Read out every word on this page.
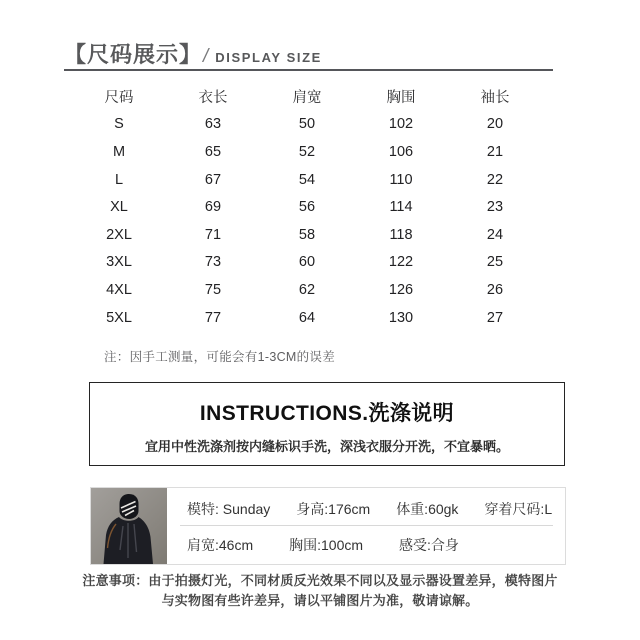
【尺码展示】 / DISPLAY SIZE
尺码	衣长	肩宽	胸围	袖长
S	63	50	102	20
M	65	52	106	21
L	67	54	110	22
XL	69	56	114	23
2XL	71	58	118	24
3XL	73	60	122	25
4XL	75	62	126	26
5XL	77	64	130	27
注：因手工测量，可能会有1-3CM的误差
INSTRUCTIONS.洗涤说明
宜用中性洗涤剂按内缝标识手洗，深浅衣服分开洗，不宜暴晒。
模特: Sunday 身高:176cm 体重:60gk 穿着尺码:L
肩宽:46cm	胸围:100cm	感受:合身
注意事项：由于拍摄灯光，不同材质反光效果不同以及显示器设置差异，模特图片
与实物图有些许差异，请以平铺图片为准，敬请谅解。
